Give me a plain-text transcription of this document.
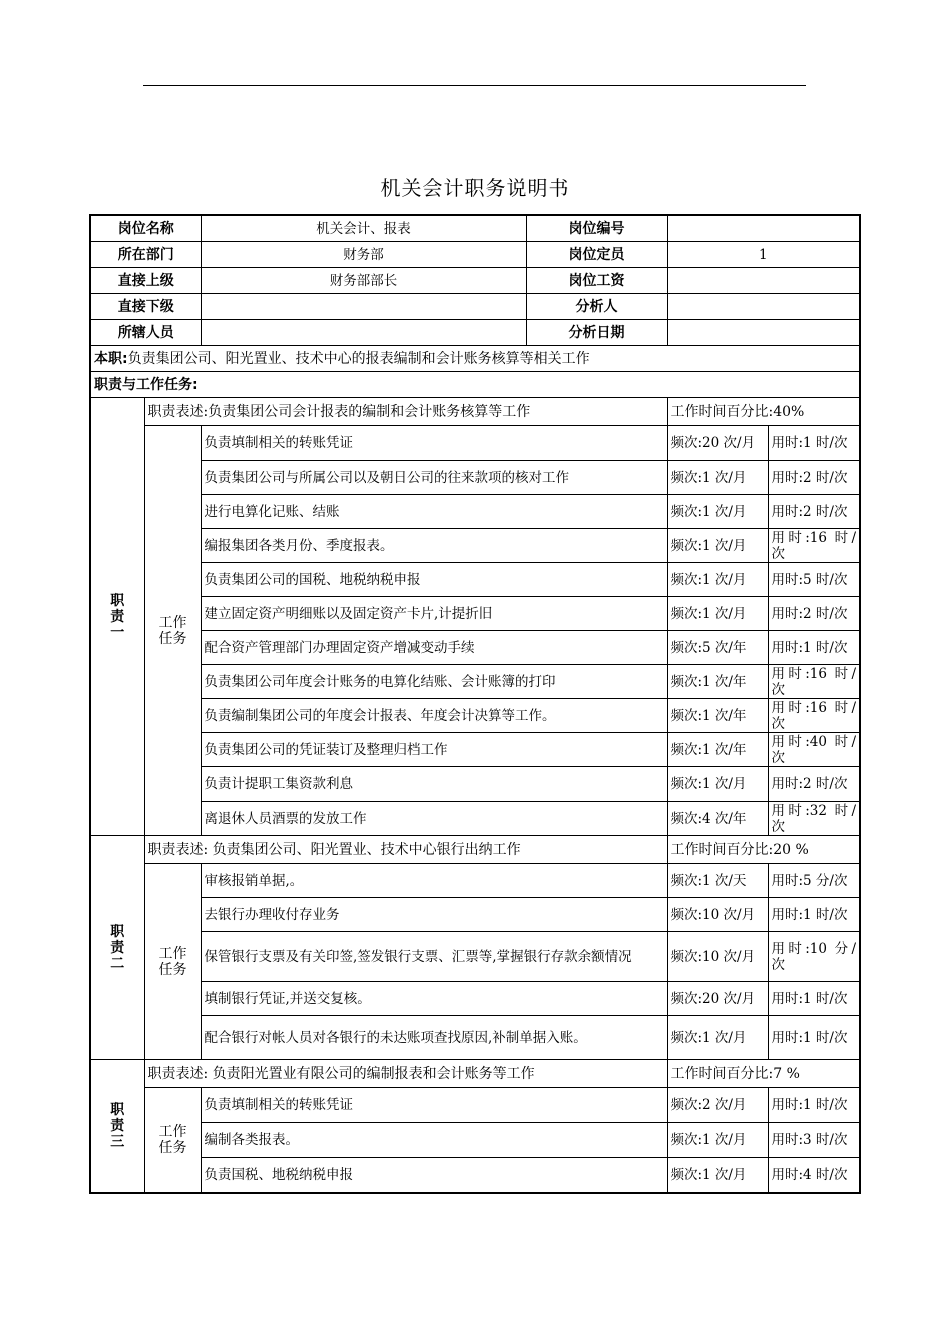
机关会计职务说明书
岗位名称		机关会计、报表	岗位编号		
所在部门		财务部	岗位定员	1	
直接上级		财务部部长	岗位工资		
直接下级			分析人		
所辖人员			分析日期		
本职:负责集团公司、阳光置业、技术中心的报表编制和会计账务核算等相关工作					
职责与工作任务:					

职
责
一	职责表述:负责集团公司会计报表的编制和会计账务核算等工作			工作时间百分比:40%	

	工作
任务	负责填制相关的转账凭证		频次:20 次/月	用时:1 时/次
		负责集团公司与所属公司以及朝日公司的往来款项的核对工作		频次:1 次/月	用时:2 时/次
		进行电算化记账、结账		频次:1 次/月	用时:2 时/次
		编报集团各类月份、季度报表。		频次:1 次/月	用时:16 时/次
		负责集团公司的国税、地税纳税申报		频次:1 次/月	用时:5 时/次
		建立固定资产明细账以及固定资产卡片,计提折旧		频次:1 次/月	用时:2 时/次
		配合资产管理部门办理固定资产增减变动手续		频次:5 次/年	用时:1 时/次
		负责集团公司年度会计账务的电算化结账、会计账簿的打印		频次:1 次/年	用时:16 时/次
		负责编制集团公司的年度会计报表、年度会计决算等工作。		频次:1 次/年	用时:16 时/次
		负责集团公司的凭证装订及整理归档工作		频次:1 次/年	用时:40 时/次
		负责计提职工集资款利息		频次:1 次/月	用时:2 时/次
		离退休人员酒票的发放工作		频次:4 次/年	用时:32 时/次

职
责
二	职责表述: 负责集团公司、阳光置业、技术中心银行出纳工作			工作时间百分比:20 %	

	工作
任务	审核报销单据,。		频次:1 次/天	用时:5 分/次
		去银行办理收付存业务		频次:10 次/月	用时:1 时/次
		保管银行支票及有关印签,签发银行支票、汇票等,掌握银行存款余额情况		频次:10 次/月	用时:10 分/次
		填制银行凭证,并送交复核。		频次:20 次/月	用时:1 时/次
		配合银行对帐人员对各银行的未达账项查找原因,补制单据入账。		频次:1 次/月	用时:1 时/次

职
责
三	职责表述: 负责阳光置业有限公司的编制报表和会计账务等工作			工作时间百分比:7 %	

	工作
任务	负责填制相关的转账凭证		频次:2 次/月	用时:1 时/次
		编制各类报表。		频次:1 次/月	用时:3 时/次
		负责国税、地税纳税申报		频次:1 次/月	用时:4 时/次
